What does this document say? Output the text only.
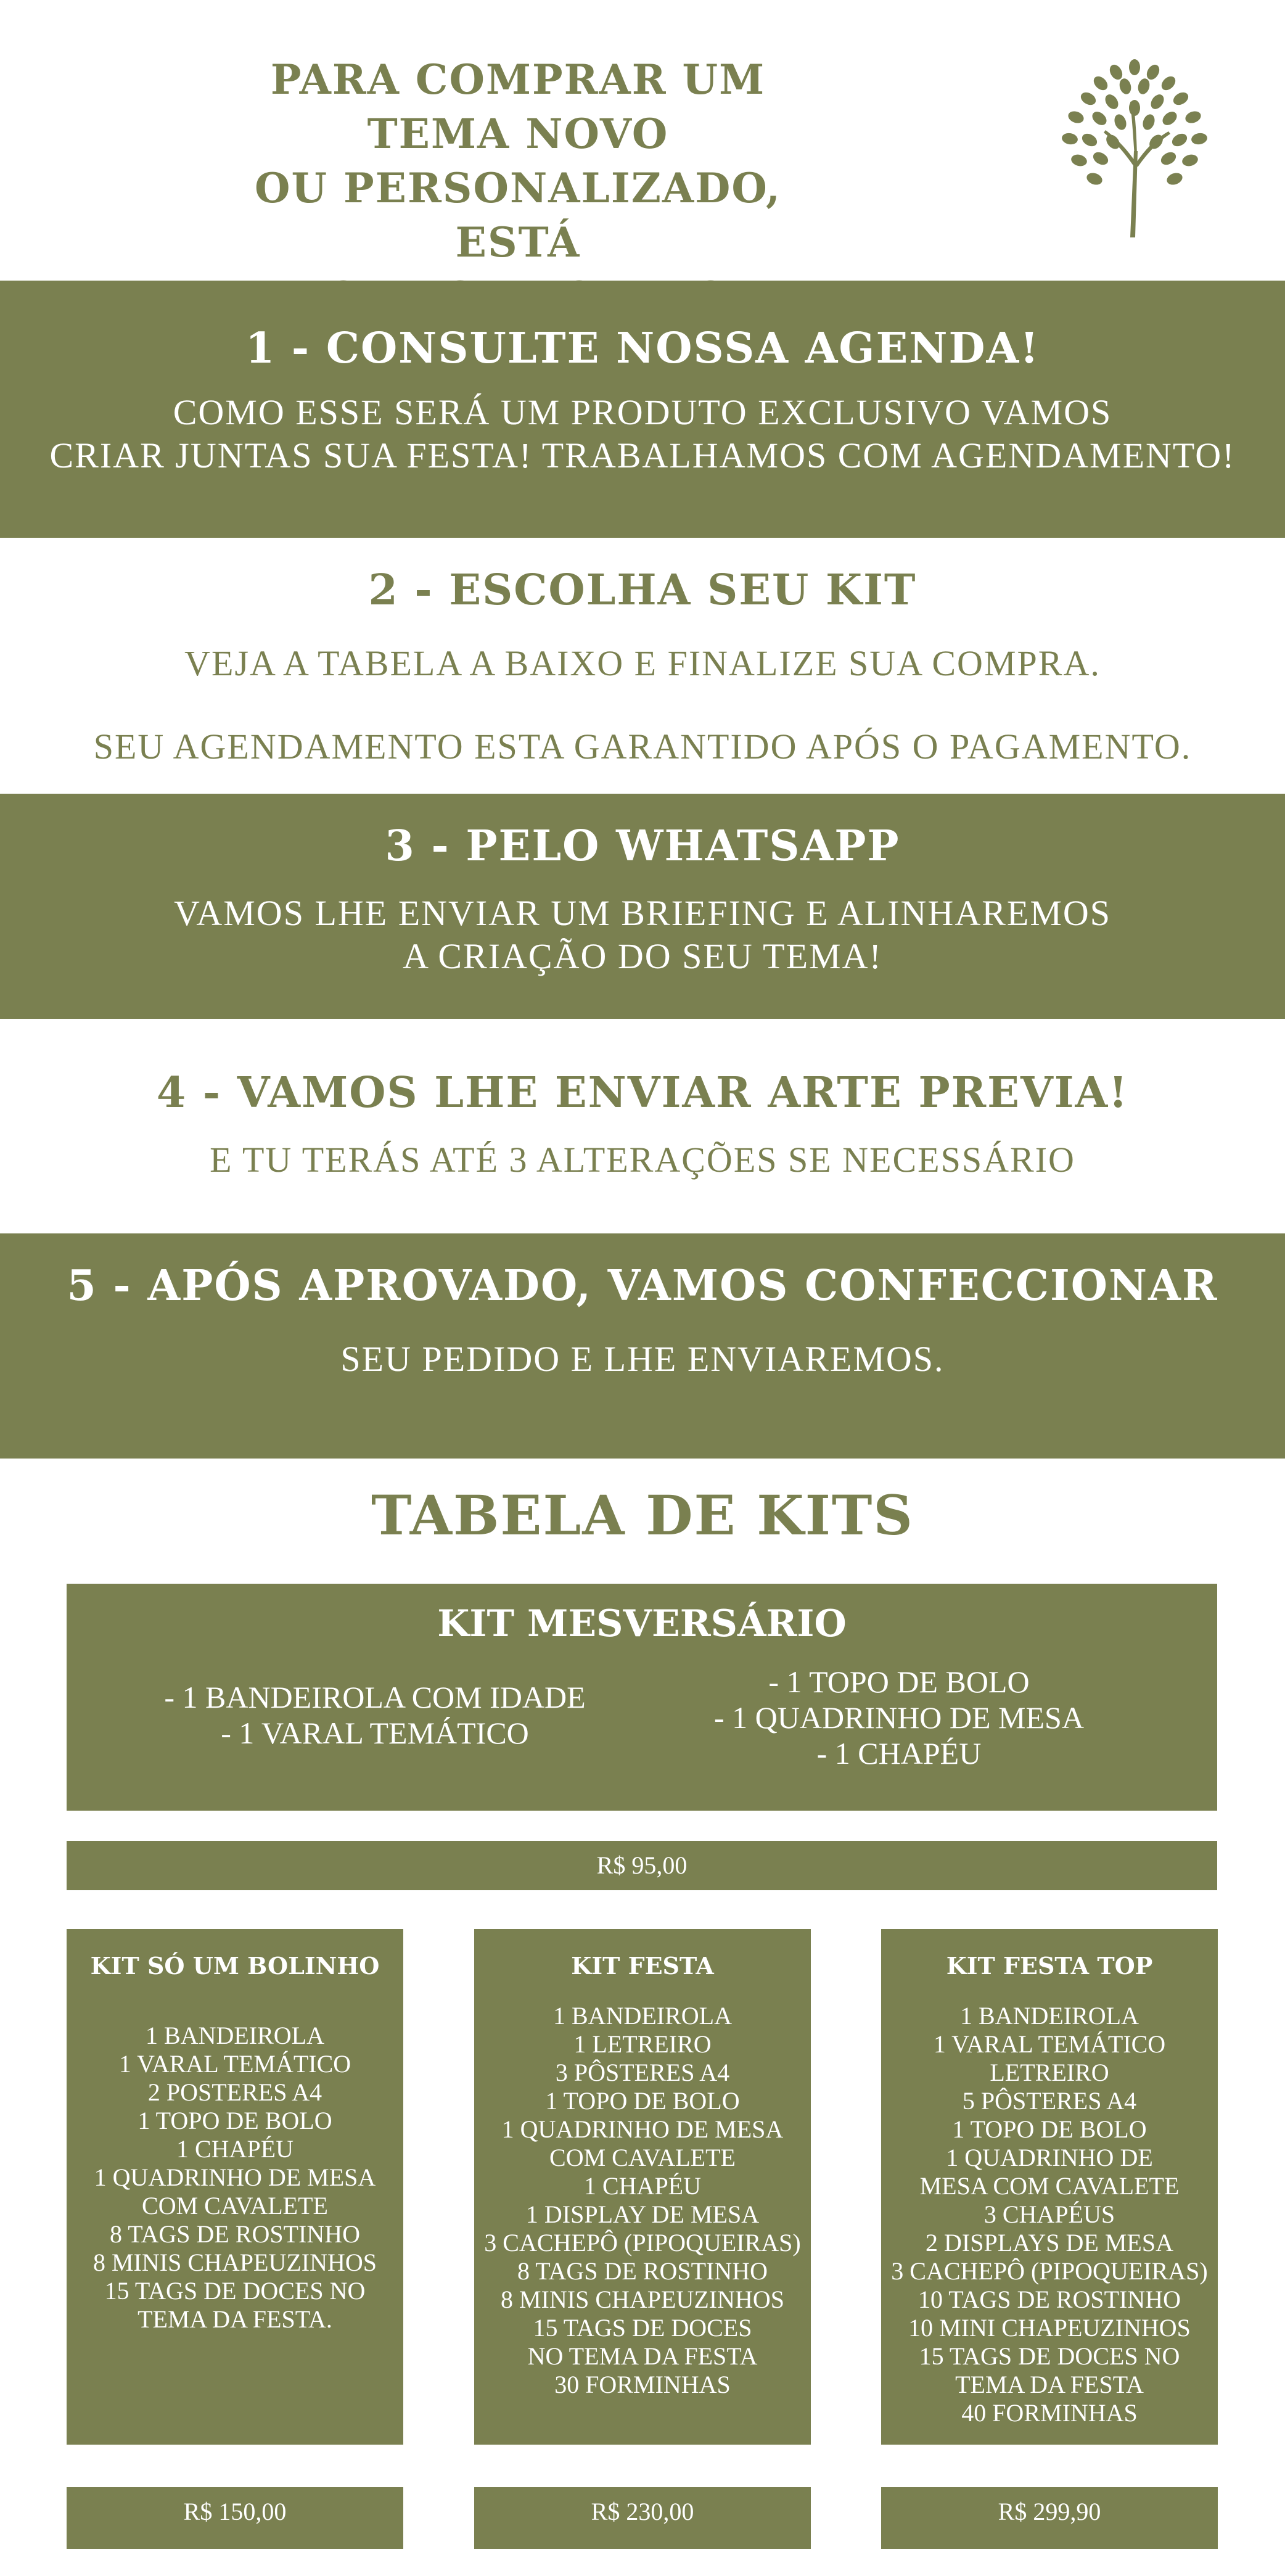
PARA COMPRAR UM TEMA NOVO
OU PERSONALIZADO, ESTÁ
1 - CONSULTE NOSSA AGENDA!

COMO ESSE SERÁ UM PRODUTO EXCLUSIVO VAMOS

CRIAR JUNTAS SUA FESTA! TRABALHAMOS COM AGENDAMENTO!

2 - ESCOLHA SEU KIT

VEJA A TABELA A BAIXO E FINALIZE SUA COMPRA.

SEU AGENDAMENTO ESTA GARANTIDO APÓS O PAGAMENTO.

3 - PELO WHATSAPP

VAMOS LHE ENVIAR UM BRIEFING E ALINHAREMOS

A CRIAÇÃO DO SEU TEMA!

4 - VAMOS LHE ENVIAR ARTE PREVIA!

E TU TERÁS ATÉ 3 ALTERAÇÕES SE NECESSÁRIO

5 - APÓS APROVADO, VAMOS CONFECCIONAR

SEU PEDIDO E LHE ENVIAREMOS.

TABELA DE KITS
KIT MESVERSÁRIO
- 1 BANDEIROLA COM IDADE
- 1 VARAL TEMÁTICO
- 1 TOPO DE BOLO
- 1 QUADRINHO DE MESA
- 1 CHAPÉU
R$ 95,00
KIT SÓ UM BOLINHO
1 BANDEIROLA
1 VARAL TEMÁTICO
2 POSTERES A4
1 TOPO DE BOLO
1 CHAPÉU
1 QUADRINHO DE MESA
COM CAVALETE
8 TAGS DE ROSTINHO
8 MINIS CHAPEUZINHOS
15 TAGS DE DOCES NO
TEMA DA FESTA.
KIT FESTA
1 BANDEIROLA
1 LETREIRO
3 PÔSTERES A4
1 TOPO DE BOLO
1 QUADRINHO DE MESA
COM CAVALETE
1 CHAPÉU
1 DISPLAY DE MESA
3 CACHEPÔ (PIPOQUEIRAS)
8 TAGS DE ROSTINHO
8 MINIS CHAPEUZINHOS
15 TAGS DE DOCES
NO TEMA DA FESTA
30 FORMINHAS
KIT FESTA TOP
1 BANDEIROLA
1 VARAL TEMÁTICO
LETREIRO
5 PÔSTERES A4
1 TOPO DE BOLO
1 QUADRINHO DE
MESA COM CAVALETE
3 CHAPÉUS
2 DISPLAYS DE MESA
3 CACHEPÔ (PIPOQUEIRAS)
10 TAGS DE ROSTINHO
10 MINI CHAPEUZINHOS
15 TAGS DE DOCES NO
TEMA DA FESTA
40 FORMINHAS
R$ 150,00	R$ 230,00	R$ 299,90
